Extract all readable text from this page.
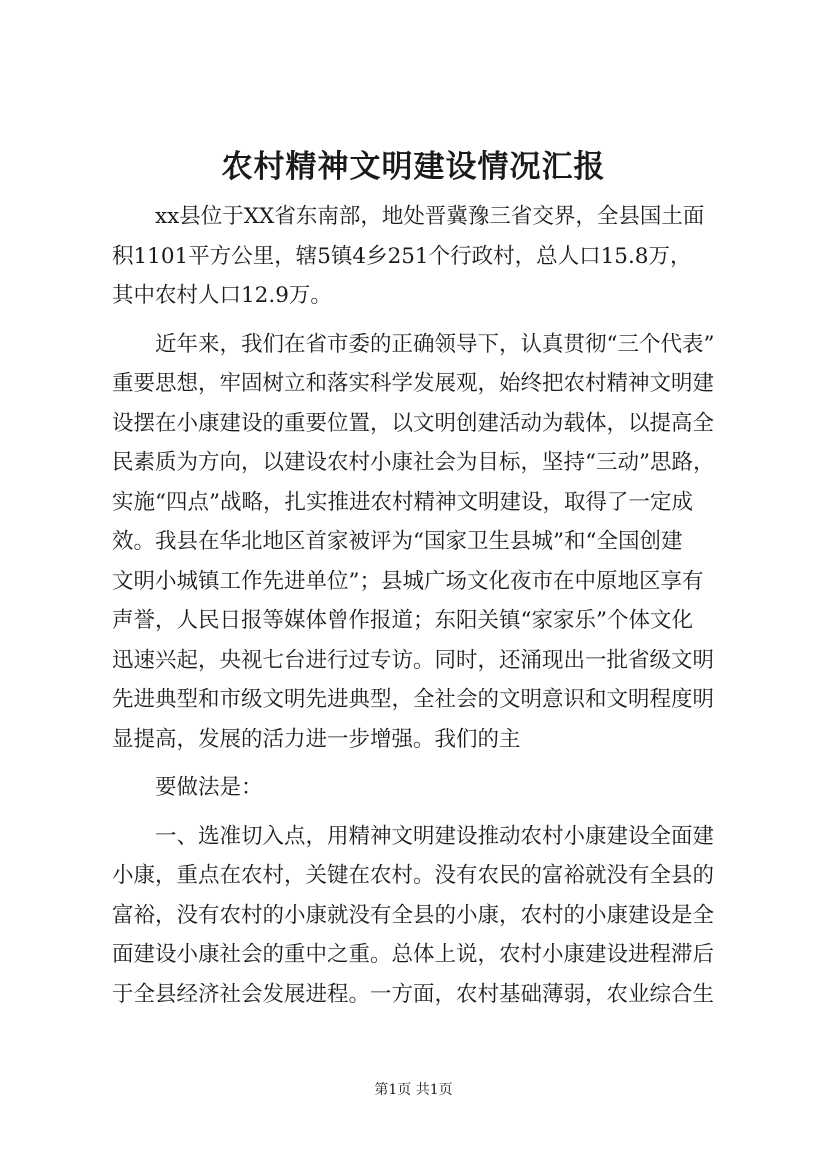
农村精神文明建设情况汇报
xx县位于XX省东南部，地处晋冀豫三省交界，全县国土面
积1101平方公里，辖5镇4乡251个行政村，总人口15.8万，
其中农村人口12.9万。
近年来，我们在省市委的正确领导下，认真贯彻“三个代表”
重要思想，牢固树立和落实科学发展观，始终把农村精神文明建
设摆在小康建设的重要位置，以文明创建活动为载体，以提高全
民素质为方向，以建设农村小康社会为目标，坚持“三动”思路，
实施“四点”战略，扎实推进农村精神文明建设，取得了一定成
效。我县在华北地区首家被评为“国家卫生县城”和“全国创建
文明小城镇工作先进单位”；县城广场文化夜市在中原地区享有
声誉，人民日报等媒体曾作报道；东阳关镇“家家乐”个体文化
迅速兴起，央视七台进行过专访。同时，还涌现出一批省级文明
先进典型和市级文明先进典型，全社会的文明意识和文明程度明
显提高，发展的活力进一步增强。我们的主
要做法是：
一、选准切入点，用精神文明建设推动农村小康建设全面建
小康，重点在农村，关键在农村。没有农民的富裕就没有全县的
富裕，没有农村的小康就没有全县的小康，农村的小康建设是全
面建设小康社会的重中之重。总体上说，农村小康建设进程滞后
于全县经济社会发展进程。一方面，农村基础薄弱，农业综合生
第1页 共1页
